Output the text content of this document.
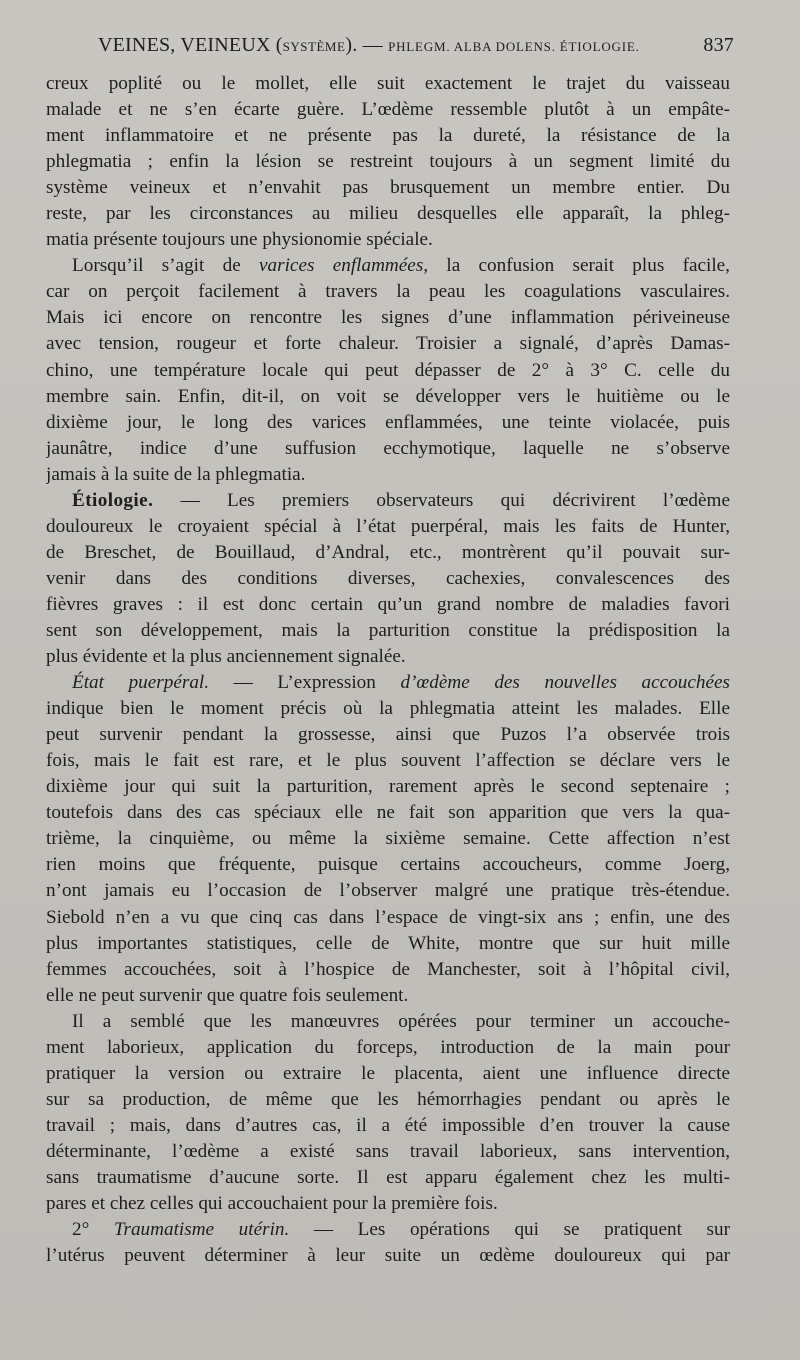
VEINES, VEINEUX (SYSTÈME). — PHLEGM. ALBA DOLENS. ÉTIOLOGIE.	837
creux poplité ou le mollet, elle suit exactement le trajet du vaisseau
malade et ne s’en écarte guère. L’œdème ressemble plutôt à un empâte-
ment inflammatoire et ne présente pas la dureté, la résistance de la
phlegmatia ; enfin la lésion se restreint toujours à un segment limité du
système veineux et n’envahit pas brusquement un membre entier. Du
reste, par les circonstances au milieu desquelles elle apparaît, la phleg-
matia présente toujours une physionomie spéciale.
Lorsqu’il s’agit de varices enflammées, la confusion serait plus facile,
car on perçoit facilement à travers la peau les coagulations vasculaires.
Mais ici encore on rencontre les signes d’une inflammation périveineuse
avec tension, rougeur et forte chaleur. Troisier a signalé, d’après Damas-
chino, une température locale qui peut dépasser de 2° à 3° C. celle du
membre sain. Enfin, dit-il, on voit se développer vers le huitième ou le
dixième jour, le long des varices enflammées, une teinte violacée, puis
jaunâtre, indice d’une suffusion ecchymotique, laquelle ne s’observe
jamais à la suite de la phlegmatia.
Étiologie. — Les premiers observateurs qui décrivirent l’œdème
douloureux le croyaient spécial à l’état puerpéral, mais les faits de Hunter,
de Breschet, de Bouillaud, d’Andral, etc., montrèrent qu’il pouvait sur-
venir dans des conditions diverses, cachexies, convalescences des
fièvres graves : il est donc certain qu’un grand nombre de maladies favori
sent son développement, mais la parturition constitue la prédisposition la
plus évidente et la plus anciennement signalée.
État puerpéral. — L’expression d’œdème des nouvelles accouchées
indique bien le moment précis où la phlegmatia atteint les malades. Elle
peut survenir pendant la grossesse, ainsi que Puzos l’a observée trois
fois, mais le fait est rare, et le plus souvent l’affection se déclare vers le
dixième jour qui suit la parturition, rarement après le second septenaire ;
toutefois dans des cas spéciaux elle ne fait son apparition que vers la qua-
trième, la cinquième, ou même la sixième semaine. Cette affection n’est
rien moins que fréquente, puisque certains accoucheurs, comme Joerg,
n’ont jamais eu l’occasion de l’observer malgré une pratique très-étendue.
Siebold n’en a vu que cinq cas dans l’espace de vingt-six ans ; enfin, une des
plus importantes statistiques, celle de White, montre que sur huit mille
femmes accouchées, soit à l’hospice de Manchester, soit à l’hôpital civil,
elle ne peut survenir que quatre fois seulement.
Il a semblé que les manœuvres opérées pour terminer un accouche-
ment laborieux, application du forceps, introduction de la main pour
pratiquer la version ou extraire le placenta, aient une influence directe
sur sa production, de même que les hémorrhagies pendant ou après le
travail ; mais, dans d’autres cas, il a été impossible d’en trouver la cause
déterminante, l’œdème a existé sans travail laborieux, sans intervention,
sans traumatisme d’aucune sorte. Il est apparu également chez les multi-
pares et chez celles qui accouchaient pour la première fois.
2° Traumatisme utérin. — Les opérations qui se pratiquent sur
l’utérus peuvent déterminer à leur suite un œdème douloureux qui par
